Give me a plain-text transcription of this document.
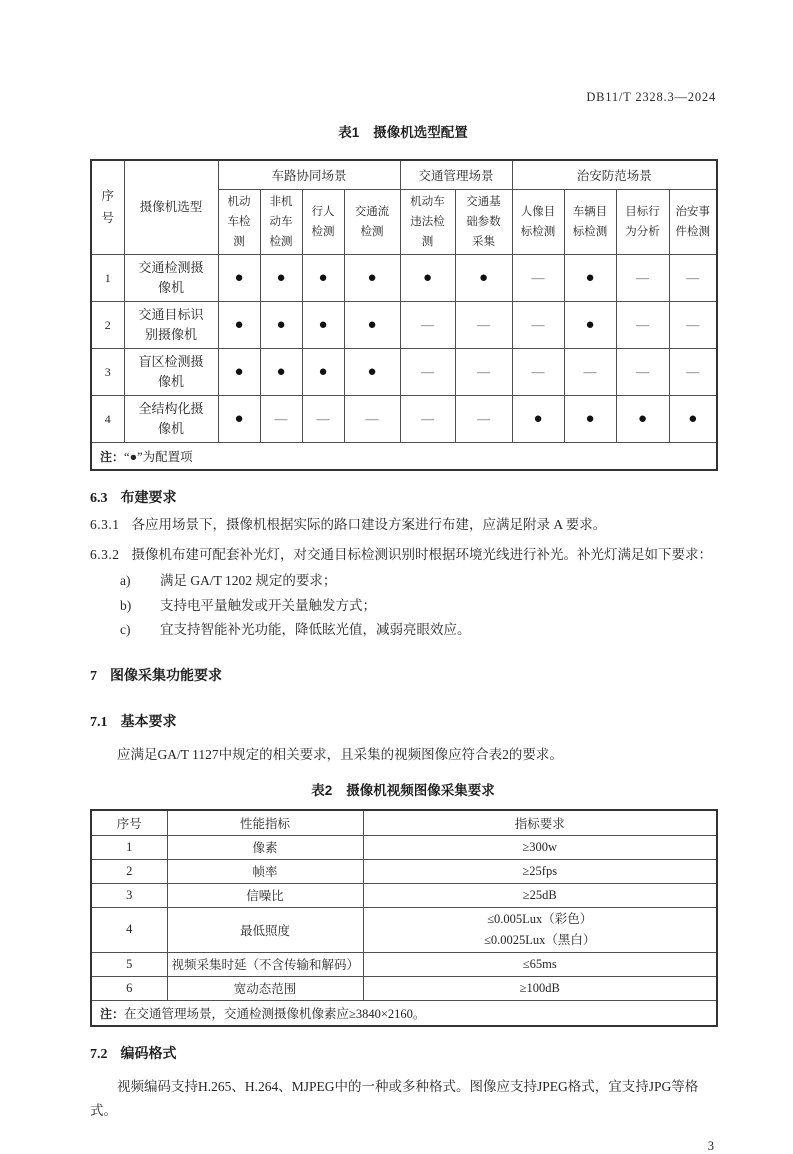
DB11/T 2328.3—2024
表1 摄像机选型配置
序号	摄像机选型	车路协同场景				交通管理场景		治安防范场景			
		机动车检测	非机动车检测	行人检测	交通流检测	机动车违法检测	交通基础参数采集	人像目标检测	车辆目标检测	目标行为分析	治安事件检测
1	交通检测摄像机	●	●	●	●	●	●	—	●	—	—
2	交通目标识别摄像机	●	●	●	●	—	—	—	●	—	—
3	盲区检测摄像机	●	●	●	●	—	—	—	—	—	—
4	全结构化摄像机	●	—	—	—	—	—	●	●	●	●
注：“●”为配置项											
6.3 布建要求
6.3.1 各应用场景下，摄像机根据实际的路口建设方案进行布建，应满足附录 A 要求。
6.3.2 摄像机布建可配套补光灯，对交通目标检测识别时根据环境光线进行补光。补光灯满足如下要求：
a) 满足 GA/T 1202 规定的要求；
b) 支持电平量触发或开关量触发方式；
c) 宜支持智能补光功能，降低眩光值，减弱亮眼效应。
7 图像采集功能要求
7.1 基本要求
应满足GA/T 1127中规定的相关要求，且采集的视频图像应符合表2的要求。
表2 摄像机视频图像采集要求
序号	性能指标	指标要求
1	像素	≥300w
2	帧率	≥25fps
3	信噪比	≥25dB
4	最低照度	≤0.005Lux（彩色）
≤0.0025Lux（黑白）

5	视频采集时延（不含传输和解码）	≤65ms
6	宽动态范围	≥100dB
注：在交通管理场景，交通检测摄像机像素应≥3840×2160。		
7.2 编码格式
视频编码支持H.265、H.264、MJPEG中的一种或多种格式。图像应支持JPEG格式，宜支持JPG等格式。
3
